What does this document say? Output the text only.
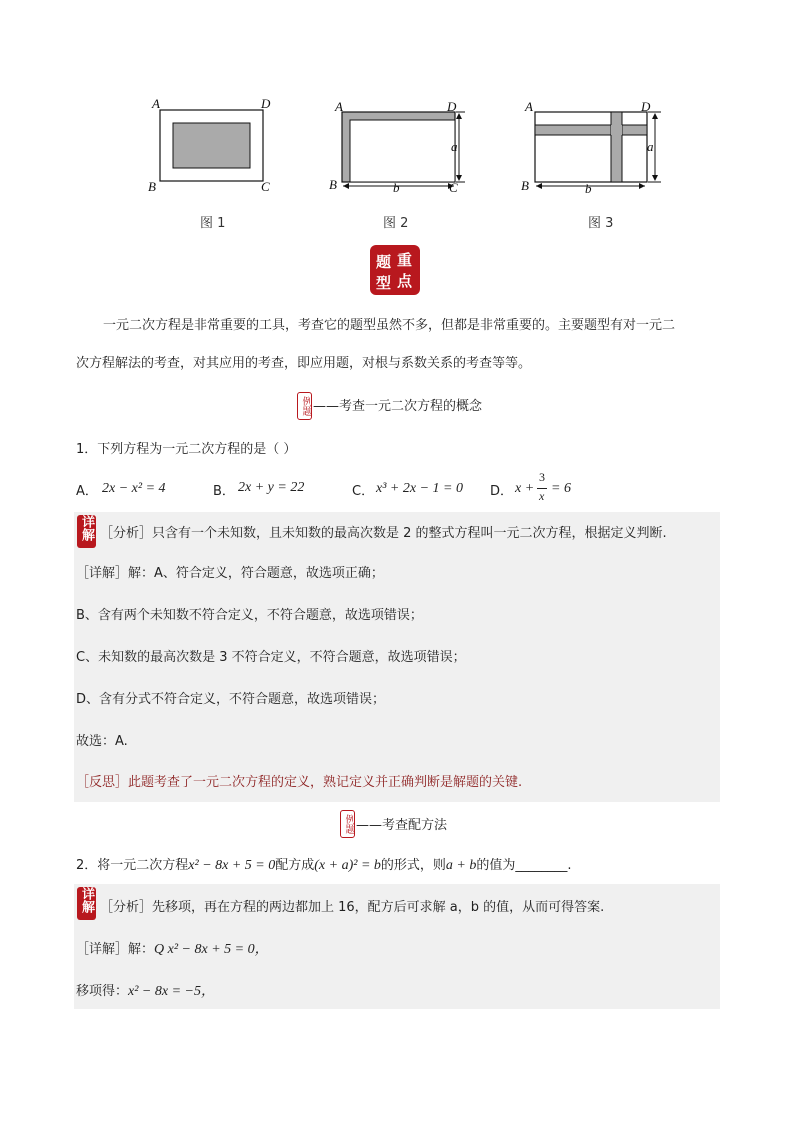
A	D
B	C
图 1
a
b
A	D
B	C
图 2
a
b
A	D
B
图 3
题 重
型 点
一元二次方程是非常重要的工具，考查它的题型虽然不多，但都是非常重要的。主要题型有对一元二
次方程解法的考查，对其应用的考查，即应用题，对根与系数关系的考查等等。
例题 ——考查一元二次方程的概念
1．下列方程为一元二次方程的是（ ）
A． 2x − x² = 4	B． 2x + y = 22	C． x³ + 2x − 1 = 0 D． x +
3
x = 6
详解 ［分析］只含有一个未知数，且未知数的最高次数是 2 的整式方程叫一元二次方程，根据定义判断.
［详解］解：A、符合定义，符合题意，故选项正确；
B、含有两个未知数不符合定义，不符合题意，故选项错误；
C、未知数的最高次数是 3 不符合定义，不符合题意，故选项错误；
D、含有分式不符合定义，不符合题意，故选项错误；
故选：A.
［反思］此题考查了一元二次方程的定义，熟记定义并正确判断是解题的关键.
例题 ——考查配方法
2．将一元二次方程x² − 8x + 5 = 0配方成(x + a)² = b的形式，则a + b的值为________.
详解 ［分析］先移项，再在方程的两边都加上 16，配方后可求解 a，b 的值，从而可得答案.
［详解］解：Q x² − 8x + 5 = 0，
移项得：x² − 8x = −5，
